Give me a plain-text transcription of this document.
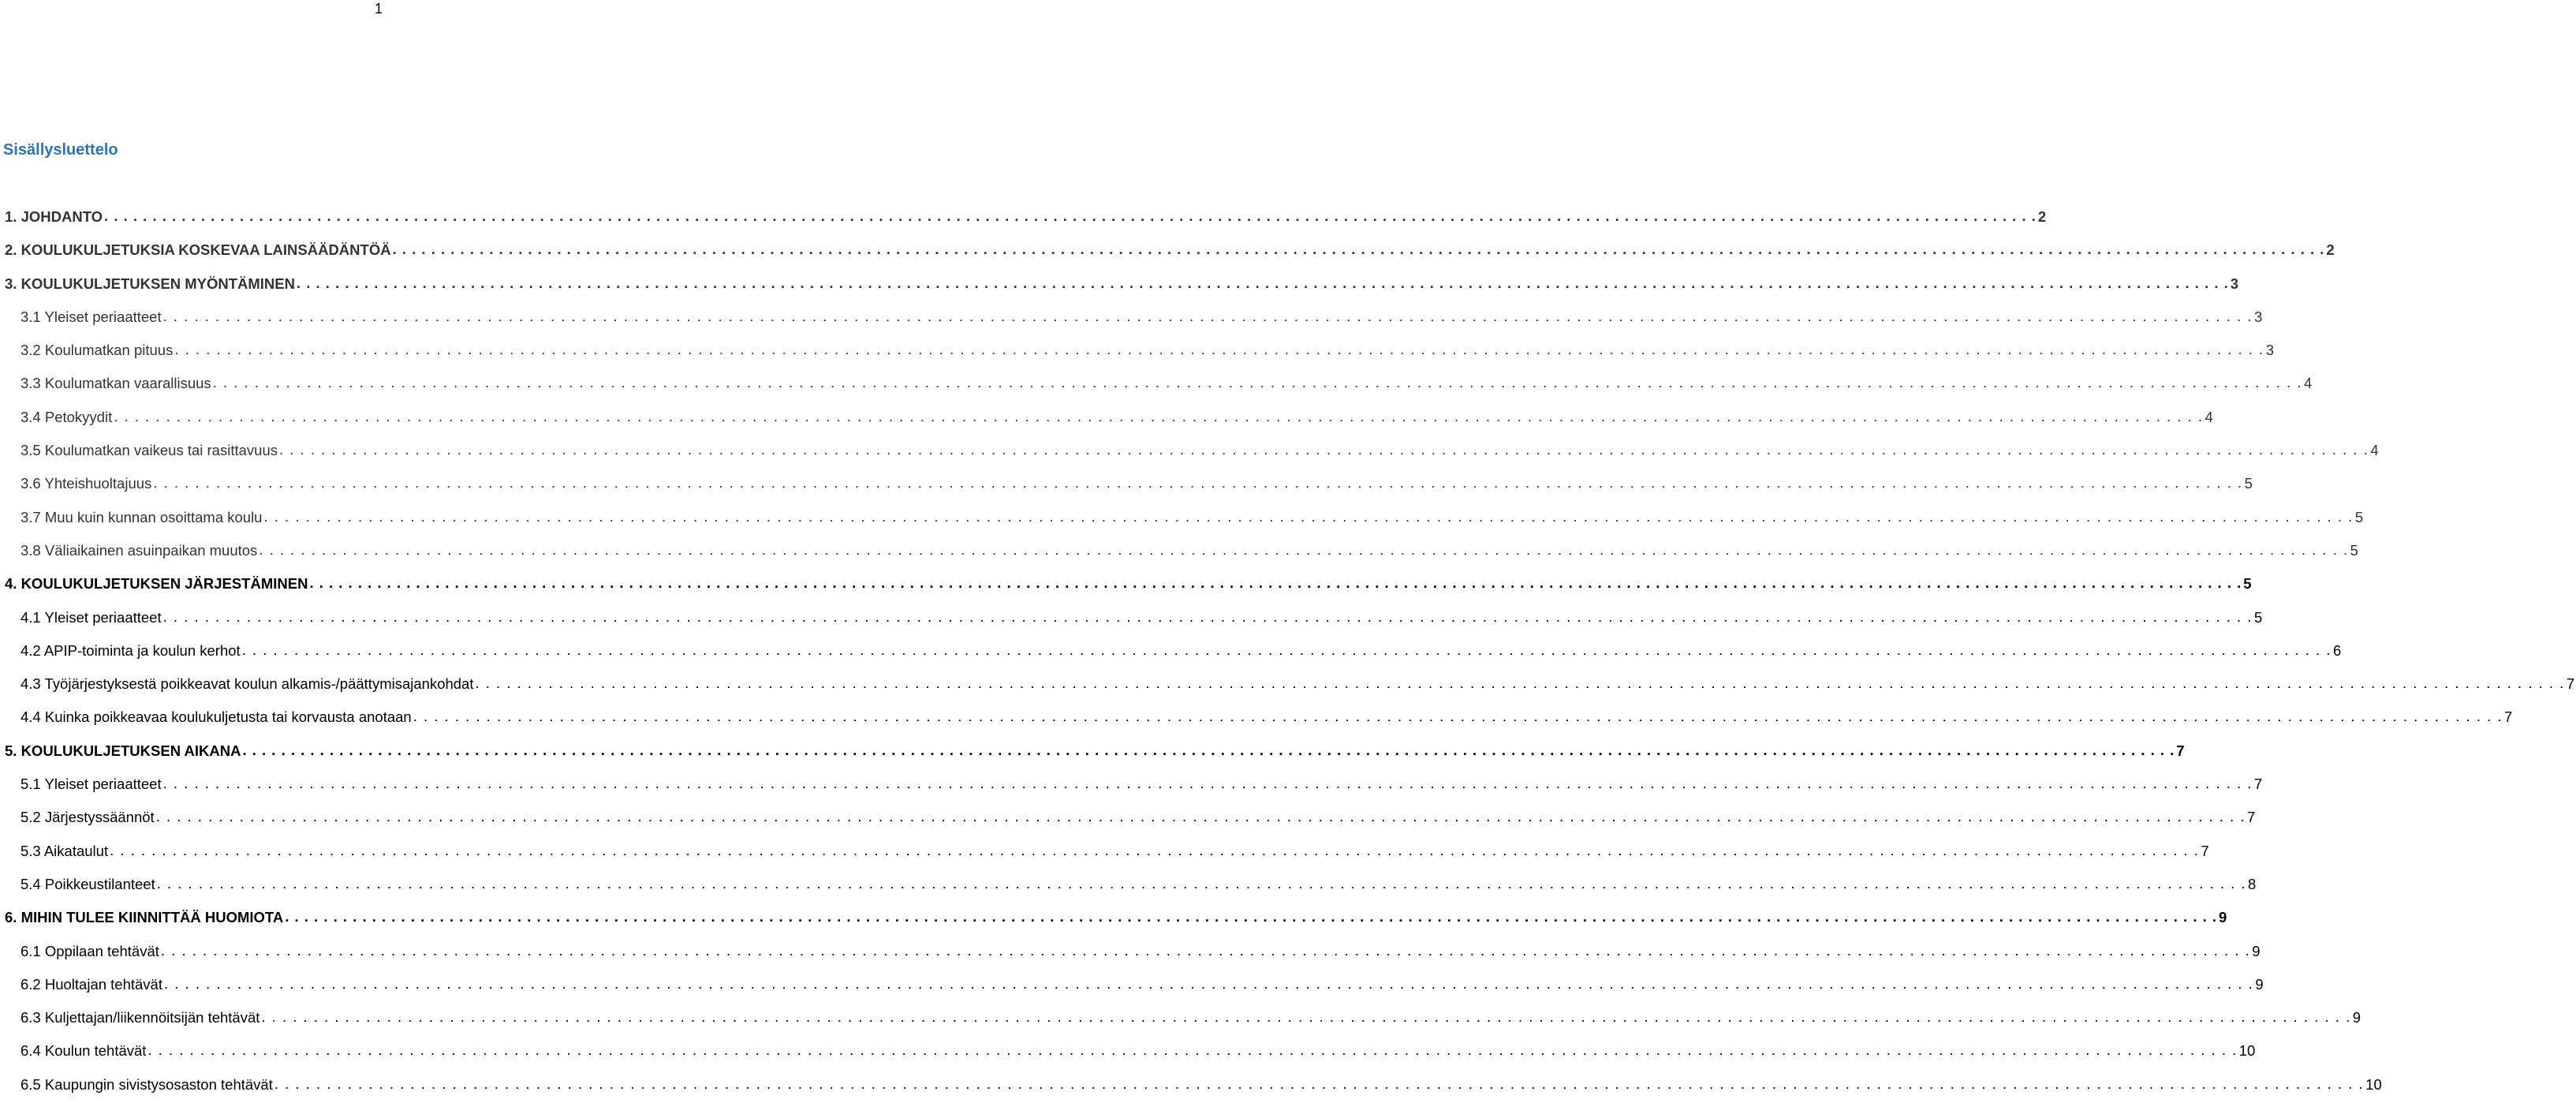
1
Sisällysluettelo
1. JOHDANTO . . . . . . . . . . . . . . . . . . . . . . . . . . . . . . . . . . . . . . . . . . . . . . . . . . . . . . . . . . . . . . . . . . . . . . . . . . . . . . . . . . . . . . . . . . . . . . . . . . . . . . . . . . . . . . . . . . . . . . . . . . . . . . . . . . . . . . . . . . . . . . . . . . . . . . . . . . . . . . . . . . . . . . . . . . . . . . . . . . . . . . . . . . . . . . . . . . . . . . . . 2
2. KOULUKULJETUKSIA KOSKEVAA LAINSÄÄDÄNTÖÄ . . . . . . . . . . . . . . . . . . . . . . . . . . . . . . . . . . . . . . . . . . . . . . . . . . . . . . . . . . . . . . . . . . . . . . . . . . . . . . . . . . . . . . . . . . . . . . . . . . . . . . . . . . . . . . . . . . . . . . . . . . . . . . . . . . . . . . . . . . . . . . . . . . . . . . . . . . . . . . . . . . . . . . . . . . . . . . . . . . . . . . . . . . . . . . . . . . . . . . . . 2
3. KOULUKULJETUKSEN MYÖNTÄMINEN . . . . . . . . . . . . . . . . . . . . . . . . . . . . . . . . . . . . . . . . . . . . . . . . . . . . . . . . . . . . . . . . . . . . . . . . . . . . . . . . . . . . . . . . . . . . . . . . . . . . . . . . . . . . . . . . . . . . . . . . . . . . . . . . . . . . . . . . . . . . . . . . . . . . . . . . . . . . . . . . . . . . . . . . . . . . . . . . . . . . . . . . . . . . . . . . . . . . . . . . 3
3.1 Yleiset periaatteet . . . . . . . . . . . . . . . . . . . . . . . . . . . . . . . . . . . . . . . . . . . . . . . . . . . . . . . . . . . . . . . . . . . . . . . . . . . . . . . . . . . . . . . . . . . . . . . . . . . . . . . . . . . . . . . . . . . . . . . . . . . . . . . . . . . . . . . . . . . . . . . . . . . . . . . . . . . . . . . . . . . . . . . . . . . . . . . . . . . . . . . . . . . . . . . . . . . . . . . . 3
3.2 Koulumatkan pituus . . . . . . . . . . . . . . . . . . . . . . . . . . . . . . . . . . . . . . . . . . . . . . . . . . . . . . . . . . . . . . . . . . . . . . . . . . . . . . . . . . . . . . . . . . . . . . . . . . . . . . . . . . . . . . . . . . . . . . . . . . . . . . . . . . . . . . . . . . . . . . . . . . . . . . . . . . . . . . . . . . . . . . . . . . . . . . . . . . . . . . . . . . . . . . . . . . . . . . . . 3
3.3 Koulumatkan vaarallisuus . . . . . . . . . . . . . . . . . . . . . . . . . . . . . . . . . . . . . . . . . . . . . . . . . . . . . . . . . . . . . . . . . . . . . . . . . . . . . . . . . . . . . . . . . . . . . . . . . . . . . . . . . . . . . . . . . . . . . . . . . . . . . . . . . . . . . . . . . . . . . . . . . . . . . . . . . . . . . . . . . . . . . . . . . . . . . . . . . . . . . . . . . . . . . . . . . . . . . . . . 4
3.4 Petokyydit . . . . . . . . . . . . . . . . . . . . . . . . . . . . . . . . . . . . . . . . . . . . . . . . . . . . . . . . . . . . . . . . . . . . . . . . . . . . . . . . . . . . . . . . . . . . . . . . . . . . . . . . . . . . . . . . . . . . . . . . . . . . . . . . . . . . . . . . . . . . . . . . . . . . . . . . . . . . . . . . . . . . . . . . . . . . . . . . . . . . . . . . . . . . . . . . . . . . . . . . 4
3.5 Koulumatkan vaikeus tai rasittavuus . . . . . . . . . . . . . . . . . . . . . . . . . . . . . . . . . . . . . . . . . . . . . . . . . . . . . . . . . . . . . . . . . . . . . . . . . . . . . . . . . . . . . . . . . . . . . . . . . . . . . . . . . . . . . . . . . . . . . . . . . . . . . . . . . . . . . . . . . . . . . . . . . . . . . . . . . . . . . . . . . . . . . . . . . . . . . . . . . . . . . . . . . . . . . . . . . . . . . . . . 4
3.6 Yhteishuoltajuus . . . . . . . . . . . . . . . . . . . . . . . . . . . . . . . . . . . . . . . . . . . . . . . . . . . . . . . . . . . . . . . . . . . . . . . . . . . . . . . . . . . . . . . . . . . . . . . . . . . . . . . . . . . . . . . . . . . . . . . . . . . . . . . . . . . . . . . . . . . . . . . . . . . . . . . . . . . . . . . . . . . . . . . . . . . . . . . . . . . . . . . . . . . . . . . . . . . . . . . . 5
3.7 Muu kuin kunnan osoittama koulu . . . . . . . . . . . . . . . . . . . . . . . . . . . . . . . . . . . . . . . . . . . . . . . . . . . . . . . . . . . . . . . . . . . . . . . . . . . . . . . . . . . . . . . . . . . . . . . . . . . . . . . . . . . . . . . . . . . . . . . . . . . . . . . . . . . . . . . . . . . . . . . . . . . . . . . . . . . . . . . . . . . . . . . . . . . . . . . . . . . . . . . . . . . . . . . . . . . . . . . . 5
3.8 Väliaikainen asuinpaikan muutos . . . . . . . . . . . . . . . . . . . . . . . . . . . . . . . . . . . . . . . . . . . . . . . . . . . . . . . . . . . . . . . . . . . . . . . . . . . . . . . . . . . . . . . . . . . . . . . . . . . . . . . . . . . . . . . . . . . . . . . . . . . . . . . . . . . . . . . . . . . . . . . . . . . . . . . . . . . . . . . . . . . . . . . . . . . . . . . . . . . . . . . . . . . . . . . . . . . . . . . . 5
4. KOULUKULJETUKSEN JÄRJESTÄMINEN . . . . . . . . . . . . . . . . . . . . . . . . . . . . . . . . . . . . . . . . . . . . . . . . . . . . . . . . . . . . . . . . . . . . . . . . . . . . . . . . . . . . . . . . . . . . . . . . . . . . . . . . . . . . . . . . . . . . . . . . . . . . . . . . . . . . . . . . . . . . . . . . . . . . . . . . . . . . . . . . . . . . . . . . . . . . . . . . . . . . . . . . . . . . . . . . . . . . . . . . 5
4.1 Yleiset periaatteet . . . . . . . . . . . . . . . . . . . . . . . . . . . . . . . . . . . . . . . . . . . . . . . . . . . . . . . . . . . . . . . . . . . . . . . . . . . . . . . . . . . . . . . . . . . . . . . . . . . . . . . . . . . . . . . . . . . . . . . . . . . . . . . . . . . . . . . . . . . . . . . . . . . . . . . . . . . . . . . . . . . . . . . . . . . . . . . . . . . . . . . . . . . . . . . . . . . . . . . . 5
4.2 APIP-toiminta ja koulun kerhot . . . . . . . . . . . . . . . . . . . . . . . . . . . . . . . . . . . . . . . . . . . . . . . . . . . . . . . . . . . . . . . . . . . . . . . . . . . . . . . . . . . . . . . . . . . . . . . . . . . . . . . . . . . . . . . . . . . . . . . . . . . . . . . . . . . . . . . . . . . . . . . . . . . . . . . . . . . . . . . . . . . . . . . . . . . . . . . . . . . . . . . . . . . . . . . . . . . . . . . . 6
4.3 Työjärjestyksestä poikkeavat koulun alkamis-/päättymisajankohdat . . . . . . . . . . . . . . . . . . . . . . . . . . . . . . . . . . . . . . . . . . . . . . . . . . . . . . . . . . . . . . . . . . . . . . . . . . . . . . . . . . . . . . . . . . . . . . . . . . . . . . . . . . . . . . . . . . . . . . . . . . . . . . . . . . . . . . . . . . . . . . . . . . . . . . . . . . . . . . . . . . . . . . . . . . . . . . . . . . . . . . . . . . . . . . . . . . . . . . . . 7
4.4 Kuinka poikkeavaa koulukuljetusta tai korvausta anotaan . . . . . . . . . . . . . . . . . . . . . . . . . . . . . . . . . . . . . . . . . . . . . . . . . . . . . . . . . . . . . . . . . . . . . . . . . . . . . . . . . . . . . . . . . . . . . . . . . . . . . . . . . . . . . . . . . . . . . . . . . . . . . . . . . . . . . . . . . . . . . . . . . . . . . . . . . . . . . . . . . . . . . . . . . . . . . . . . . . . . . . . . . . . . . . . . . . . . . . . . 7
5. KOULUKULJETUKSEN AIKANA . . . . . . . . . . . . . . . . . . . . . . . . . . . . . . . . . . . . . . . . . . . . . . . . . . . . . . . . . . . . . . . . . . . . . . . . . . . . . . . . . . . . . . . . . . . . . . . . . . . . . . . . . . . . . . . . . . . . . . . . . . . . . . . . . . . . . . . . . . . . . . . . . . . . . . . . . . . . . . . . . . . . . . . . . . . . . . . . . . . . . . . . . . . . . . . . . . . . . . . . 7
5.1 Yleiset periaatteet . . . . . . . . . . . . . . . . . . . . . . . . . . . . . . . . . . . . . . . . . . . . . . . . . . . . . . . . . . . . . . . . . . . . . . . . . . . . . . . . . . . . . . . . . . . . . . . . . . . . . . . . . . . . . . . . . . . . . . . . . . . . . . . . . . . . . . . . . . . . . . . . . . . . . . . . . . . . . . . . . . . . . . . . . . . . . . . . . . . . . . . . . . . . . . . . . . . . . . . . 7
5.2 Järjestyssäännöt . . . . . . . . . . . . . . . . . . . . . . . . . . . . . . . . . . . . . . . . . . . . . . . . . . . . . . . . . . . . . . . . . . . . . . . . . . . . . . . . . . . . . . . . . . . . . . . . . . . . . . . . . . . . . . . . . . . . . . . . . . . . . . . . . . . . . . . . . . . . . . . . . . . . . . . . . . . . . . . . . . . . . . . . . . . . . . . . . . . . . . . . . . . . . . . . . . . . . . . . 7
5.3 Aikataulut . . . . . . . . . . . . . . . . . . . . . . . . . . . . . . . . . . . . . . . . . . . . . . . . . . . . . . . . . . . . . . . . . . . . . . . . . . . . . . . . . . . . . . . . . . . . . . . . . . . . . . . . . . . . . . . . . . . . . . . . . . . . . . . . . . . . . . . . . . . . . . . . . . . . . . . . . . . . . . . . . . . . . . . . . . . . . . . . . . . . . . . . . . . . . . . . . . . . . . . . 7
5.4 Poikkeustilanteet . . . . . . . . . . . . . . . . . . . . . . . . . . . . . . . . . . . . . . . . . . . . . . . . . . . . . . . . . . . . . . . . . . . . . . . . . . . . . . . . . . . . . . . . . . . . . . . . . . . . . . . . . . . . . . . . . . . . . . . . . . . . . . . . . . . . . . . . . . . . . . . . . . . . . . . . . . . . . . . . . . . . . . . . . . . . . . . . . . . . . . . . . . . . . . . . . . . . . . . . 8
6. MIHIN TULEE KIINNITTÄÄ HUOMIOTA . . . . . . . . . . . . . . . . . . . . . . . . . . . . . . . . . . . . . . . . . . . . . . . . . . . . . . . . . . . . . . . . . . . . . . . . . . . . . . . . . . . . . . . . . . . . . . . . . . . . . . . . . . . . . . . . . . . . . . . . . . . . . . . . . . . . . . . . . . . . . . . . . . . . . . . . . . . . . . . . . . . . . . . . . . . . . . . . . . . . . . . . . . . . . . . . . . . . . . . . 9
6.1 Oppilaan tehtävät . . . . . . . . . . . . . . . . . . . . . . . . . . . . . . . . . . . . . . . . . . . . . . . . . . . . . . . . . . . . . . . . . . . . . . . . . . . . . . . . . . . . . . . . . . . . . . . . . . . . . . . . . . . . . . . . . . . . . . . . . . . . . . . . . . . . . . . . . . . . . . . . . . . . . . . . . . . . . . . . . . . . . . . . . . . . . . . . . . . . . . . . . . . . . . . . . . . . . . . . 9
6.2 Huoltajan tehtävät . . . . . . . . . . . . . . . . . . . . . . . . . . . . . . . . . . . . . . . . . . . . . . . . . . . . . . . . . . . . . . . . . . . . . . . . . . . . . . . . . . . . . . . . . . . . . . . . . . . . . . . . . . . . . . . . . . . . . . . . . . . . . . . . . . . . . . . . . . . . . . . . . . . . . . . . . . . . . . . . . . . . . . . . . . . . . . . . . . . . . . . . . . . . . . . . . . . . . . . . 9
6.3 Kuljettajan/liikennöitsijän tehtävät . . . . . . . . . . . . . . . . . . . . . . . . . . . . . . . . . . . . . . . . . . . . . . . . . . . . . . . . . . . . . . . . . . . . . . . . . . . . . . . . . . . . . . . . . . . . . . . . . . . . . . . . . . . . . . . . . . . . . . . . . . . . . . . . . . . . . . . . . . . . . . . . . . . . . . . . . . . . . . . . . . . . . . . . . . . . . . . . . . . . . . . . . . . . . . . . . . . . . . . . 9
6.4 Koulun tehtävät . . . . . . . . . . . . . . . . . . . . . . . . . . . . . . . . . . . . . . . . . . . . . . . . . . . . . . . . . . . . . . . . . . . . . . . . . . . . . . . . . . . . . . . . . . . . . . . . . . . . . . . . . . . . . . . . . . . . . . . . . . . . . . . . . . . . . . . . . . . . . . . . . . . . . . . . . . . . . . . . . . . . . . . . . . . . . . . . . . . . . . . . . . . . . . . . . . . . . . . . 10
6.5 Kaupungin sivistysosaston tehtävät . . . . . . . . . . . . . . . . . . . . . . . . . . . . . . . . . . . . . . . . . . . . . . . . . . . . . . . . . . . . . . . . . . . . . . . . . . . . . . . . . . . . . . . . . . . . . . . . . . . . . . . . . . . . . . . . . . . . . . . . . . . . . . . . . . . . . . . . . . . . . . . . . . . . . . . . . . . . . . . . . . . . . . . . . . . . . . . . . . . . . . . . . . . . . . . . . . . . . . . . 10
